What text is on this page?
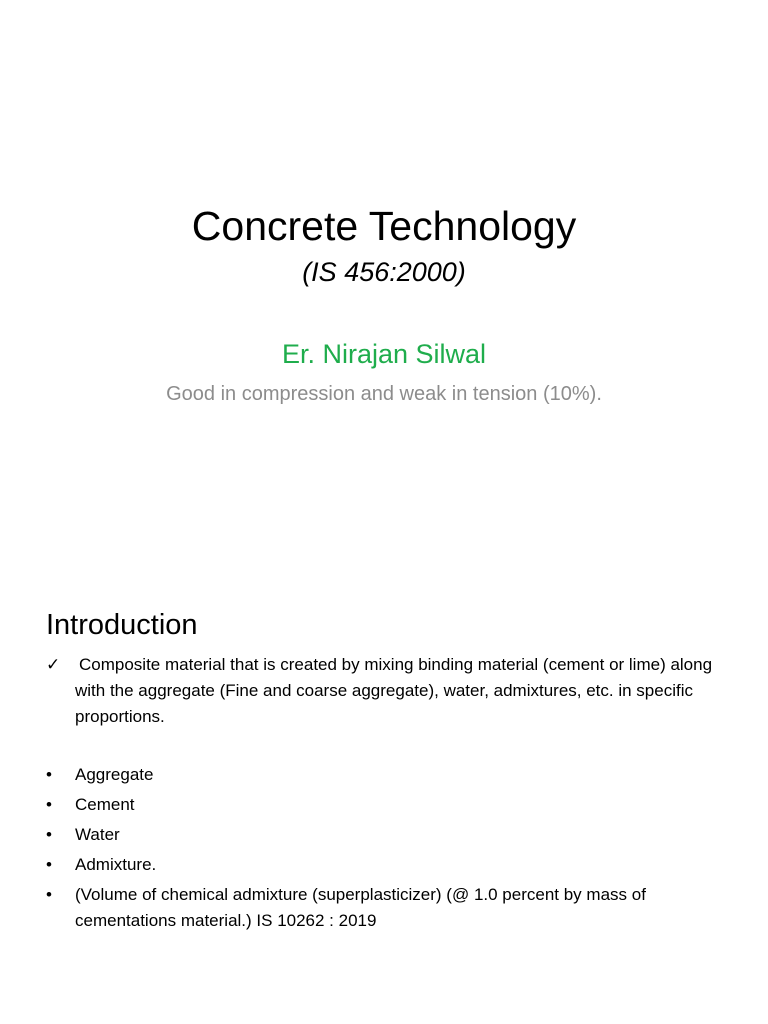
Concrete Technology
(IS 456:2000)
Er. Nirajan Silwal
Good in compression and weak in tension (10%).
Introduction
✓	Composite material that is created by mixing binding material (cement or lime) along with the aggregate (Fine and coarse aggregate), water, admixtures, etc. in specific proportions.
• Aggregate
• Cement
• Water
• Admixture.
• (Volume of chemical admixture (superplasticizer) (@ 1.0 percent by mass of cementations material.) IS 10262 : 2019
